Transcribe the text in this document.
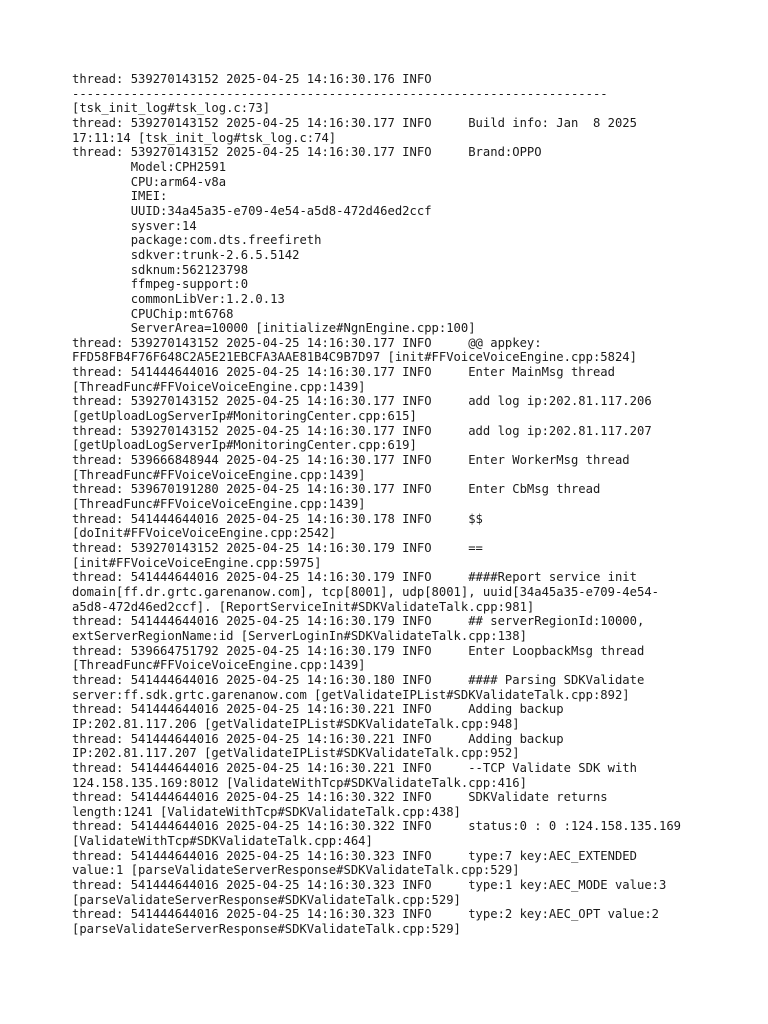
thread: 539270143152 2025-04-25 14:16:30.176 INFO
-------------------------------------------------------------------------
[tsk_init_log#tsk_log.c:73]
thread: 539270143152 2025-04-25 14:16:30.177 INFO     Build info: Jan  8 2025
17:11:14 [tsk_init_log#tsk_log.c:74]
thread: 539270143152 2025-04-25 14:16:30.177 INFO     Brand:OPPO
Model:CPH2591
CPU:arm64-v8a
IMEI:
UUID:34a45a35-e709-4e54-a5d8-472d46ed2ccf
sysver:14
package:com.dts.freefireth
sdkver:trunk-2.6.5.5142
sdknum:562123798
ffmpeg-support:0
commonLibVer:1.2.0.13
CPUChip:mt6768
ServerArea=10000 [initialize#NgnEngine.cpp:100]
thread: 539270143152 2025-04-25 14:16:30.177 INFO     @@ appkey:
FFD58FB4F76F648C2A5E21EBCFA3AAE81B4C9B7D97 [init#FFVoiceVoiceEngine.cpp:5824]
thread: 541444644016 2025-04-25 14:16:30.177 INFO     Enter MainMsg thread
[ThreadFunc#FFVoiceVoiceEngine.cpp:1439]
thread: 539270143152 2025-04-25 14:16:30.177 INFO     add log ip:202.81.117.206
[getUploadLogServerIp#MonitoringCenter.cpp:615]
thread: 539270143152 2025-04-25 14:16:30.177 INFO     add log ip:202.81.117.207
[getUploadLogServerIp#MonitoringCenter.cpp:619]
thread: 539666848944 2025-04-25 14:16:30.177 INFO     Enter WorkerMsg thread
[ThreadFunc#FFVoiceVoiceEngine.cpp:1439]
thread: 539670191280 2025-04-25 14:16:30.177 INFO     Enter CbMsg thread
[ThreadFunc#FFVoiceVoiceEngine.cpp:1439]
thread: 541444644016 2025-04-25 14:16:30.178 INFO     $$
[doInit#FFVoiceVoiceEngine.cpp:2542]
thread: 539270143152 2025-04-25 14:16:30.179 INFO     ==
[init#FFVoiceVoiceEngine.cpp:5975]
thread: 541444644016 2025-04-25 14:16:30.179 INFO     ####Report service init
domain[ff.dr.grtc.garenanow.com], tcp[8001], udp[8001], uuid[34a45a35-e709-4e54-
a5d8-472d46ed2ccf]. [ReportServiceInit#SDKValidateTalk.cpp:981]
thread: 541444644016 2025-04-25 14:16:30.179 INFO     ## serverRegionId:10000,
extServerRegionName:id [ServerLoginIn#SDKValidateTalk.cpp:138]
thread: 539664751792 2025-04-25 14:16:30.179 INFO     Enter LoopbackMsg thread
[ThreadFunc#FFVoiceVoiceEngine.cpp:1439]
thread: 541444644016 2025-04-25 14:16:30.180 INFO     #### Parsing SDKValidate
server:ff.sdk.grtc.garenanow.com [getValidateIPList#SDKValidateTalk.cpp:892]
thread: 541444644016 2025-04-25 14:16:30.221 INFO     Adding backup
IP:202.81.117.206 [getValidateIPList#SDKValidateTalk.cpp:948]
thread: 541444644016 2025-04-25 14:16:30.221 INFO     Adding backup
IP:202.81.117.207 [getValidateIPList#SDKValidateTalk.cpp:952]
thread: 541444644016 2025-04-25 14:16:30.221 INFO     --TCP Validate SDK with
124.158.135.169:8012 [ValidateWithTcp#SDKValidateTalk.cpp:416]
thread: 541444644016 2025-04-25 14:16:30.322 INFO     SDKValidate returns
length:1241 [ValidateWithTcp#SDKValidateTalk.cpp:438]
thread: 541444644016 2025-04-25 14:16:30.322 INFO     status:0 : 0 :124.158.135.169
[ValidateWithTcp#SDKValidateTalk.cpp:464]
thread: 541444644016 2025-04-25 14:16:30.323 INFO     type:7 key:AEC_EXTENDED
value:1 [parseValidateServerResponse#SDKValidateTalk.cpp:529]
thread: 541444644016 2025-04-25 14:16:30.323 INFO     type:1 key:AEC_MODE value:3
[parseValidateServerResponse#SDKValidateTalk.cpp:529]
thread: 541444644016 2025-04-25 14:16:30.323 INFO     type:2 key:AEC_OPT value:2
[parseValidateServerResponse#SDKValidateTalk.cpp:529]
